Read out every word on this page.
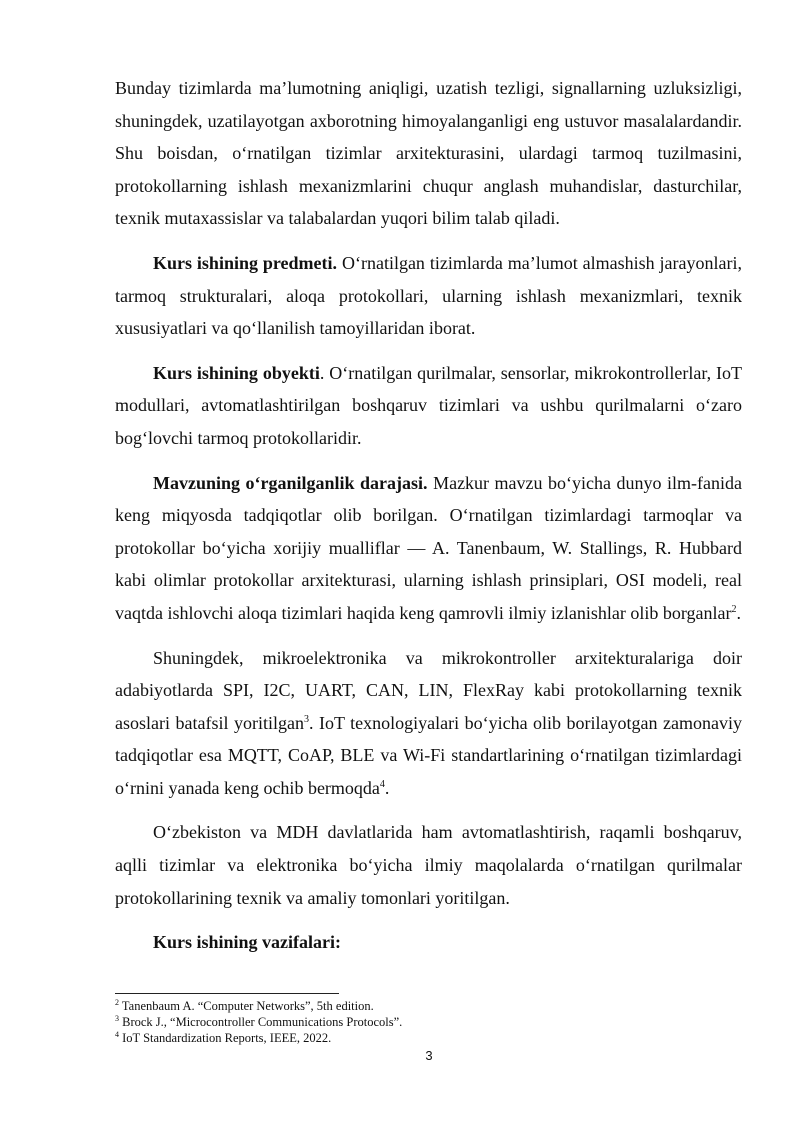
Bunday tizimlarda ma’lumotning aniqligi, uzatish tezligi, signallarning uzluksizligi, shuningdek, uzatilayotgan axborotning himoyalanganligi eng ustuvor masalalardandir. Shu boisdan, o‘rnatilgan tizimlar arxitekturasini, ulardagi tarmoq tuzilmasini, protokollarning ishlash mexanizmlarini chuqur anglash muhandislar, dasturchilar, texnik mutaxassislar va talabalardan yuqori bilim talab qiladi.

Kurs ishining predmeti. O‘rnatilgan tizimlarda ma’lumot almashish jarayonlari, tarmoq strukturalari, aloqa protokollari, ularning ishlash mexanizmlari, texnik xususiyatlari va qo‘llanilish tamoyillaridan iborat.

Kurs ishining obyekti. O‘rnatilgan qurilmalar, sensorlar, mikrokontrollerlar, IoT modullari, avtomatlashtirilgan boshqaruv tizimlari va ushbu qurilmalarni o‘zaro bog‘lovchi tarmoq protokollaridir.

Mavzuning o‘rganilganlik darajasi. Mazkur mavzu bo‘yicha dunyo ilm-fanida keng miqyosda tadqiqotlar olib borilgan. O‘rnatilgan tizimlardagi tarmoqlar va protokollar bo‘yicha xorijiy mualliflar — A. Tanenbaum, W. Stallings, R. Hubbard kabi olimlar protokollar arxitekturasi, ularning ishlash prinsiplari, OSI modeli, real vaqtda ishlovchi aloqa tizimlari haqida keng qamrovli ilmiy izlanishlar olib borganlar$^2$.

Shuningdek, mikroelektronika va mikrokontroller arxitekturalariga doir adabiyotlarda SPI, I2C, UART, CAN, LIN, FlexRay kabi protokollarning texnik asoslari batafsil yoritilgan$^3$. IoT texnologiyalari bo‘yicha olib borilayotgan zamonaviy tadqiqotlar esa MQTT, CoAP, BLE va Wi-Fi standartlarining o‘rnatilgan tizimlardagi o‘rnini yanada keng ochib bermoqda$^4$.

O‘zbekiston va MDH davlatlarida ham avtomatlashtirish, raqamli boshqaruv, aqlli tizimlar va elektronika bo‘yicha ilmiy maqolalarda o‘rnatilgan qurilmalar protokollarining texnik va amaliy tomonlari yoritilgan.

Kurs ishining vazifalari:

$^2$ Tanenbaum A. “Computer Networks”, 5th edition.

$^3$ Brock J., “Microcontroller Communications Protocols”.

$^4$ IoT Standardization Reports, IEEE, 2022.

3
